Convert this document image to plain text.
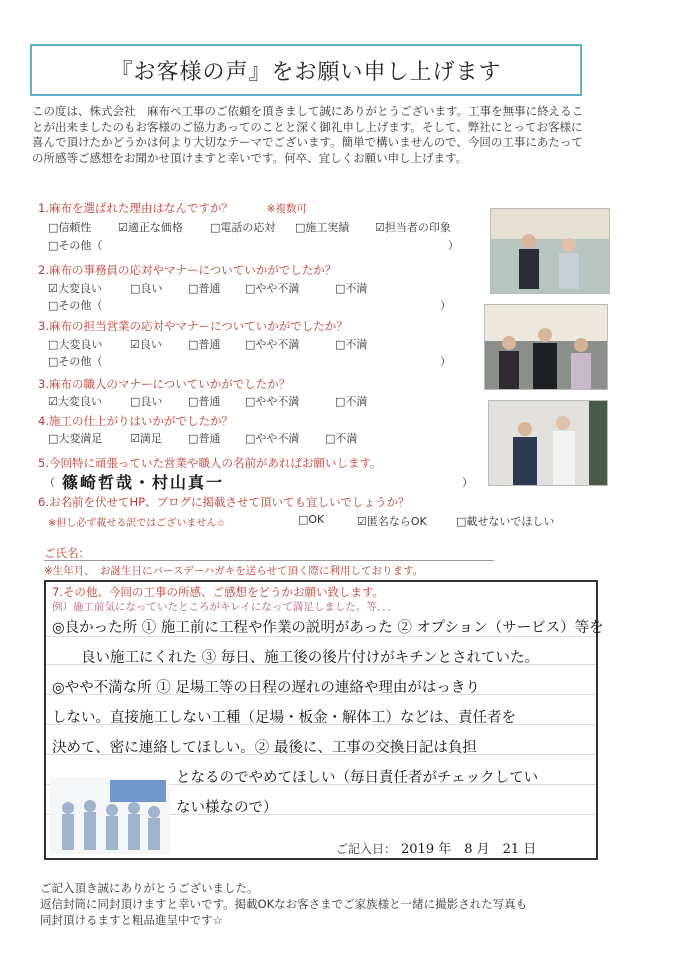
『お客様の声』をお願い申し上げます
この度は、株式会社　麻布ペ工事のご依頼を頂きまして誠にありがとうございます。工事を無事に終えることが出来ましたのもお客様のご協力あってのことと深く御礼申し上げます。そして、弊社にとってお客様に喜んで頂けたかどうかは何より大切なテーマでございます。簡単で構いませんので、今回の工事にあたっての所感等ご感想をお聞かせ頂けますと幸いです。何卒、宜しくお願い申し上げます。
1.麻布を選ばれた理由はなんですか？	※複数可
□信頼性 ☑適正な価格 □電話の応対 □施工実績 ☑担当者の印象
□その他（	）
2.麻布の事務員の応対やマナーについていかがでしたか？
☑大変良い	□良い □普通 □やや不満	□不満
□その他（	）
3.麻布の担当営業の応対やマナーについていかがでしたか？
□大変良い	☑良い □普通 □やや不満	□不満
□その他（	）
3.麻布の職人のマナーについていかがでしたか？
☑大変良い	□良い □普通 □やや不満	□不満
4.施工の仕上がりはいかがでしたか？
□大変満足	☑満足 □普通 □やや不満 □不満
5.今回特に頑張っていた営業や職人の名前があればお願いします。
（ 篠崎哲哉・村山真一	）
6.お名前を伏せてHP、ブログに掲載させて頂いても宜しいでしょうか？
※但し必ず載せる訳ではございません☆	□OK	☑匿名ならOK	□載せないでほしい
ご氏名：
※生年月、　お誕生日にバースデーハガキを送らせて頂く際に利用しております。
7.その他、今回の工事の所感、ご感想をどうかお願い致します。
例）施工前気になっていたところがキレイになって満足しました。等．．．
◎良かった所 ① 施工前に工程や作業の説明があった ② オプション（サービス）等を
　　良い施工にくれた ③ 毎日、施工後の後片付けがキチンとされていた。
◎やや不満な所 ① 足場工等の日程の遅れの連絡や理由がはっきり
しない。直接施工しない工種（足場・板金・解体工）などは、責任者を
決めて、密に連絡してほしい。② 最後に、工事の交換日記は負担
となるのでやめてほしい（毎日責任者がチェックしてい
ない様なので）
ご記入日： 2019 年　8 月　21 日
ご記入頂き誠にありがとうございました。
返信封筒に同封頂けますと幸いです。掲載OKなお客さまでご家族様と一緒に撮影された写真も
同封頂けるますと粗品進呈中です☆
